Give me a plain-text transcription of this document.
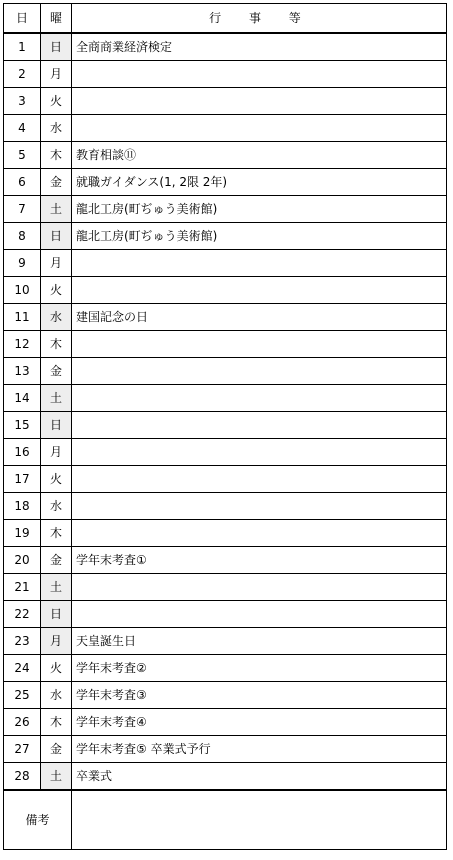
日	曜	行 事 等
1	日	全商商業経済検定
2	月	
3	火	
4	水	
5	木	教育相談⑪
6	金	就職ガイダンス(1, 2限 2年)
7	土	龍北工房(町ぢゅう美術館)
8	日	龍北工房(町ぢゅう美術館)
9	月	
10	火	
11	水	建国記念の日
12	木	
13	金	
14	土	
15	日	
16	月	
17	火	
18	水	
19	木	
20	金	学年末考査①
21	土	
22	日	
23	月	天皇誕生日
24	火	学年末考査②
25	水	学年末考査③
26	木	学年末考査④
27	金	学年末考査⑤ 卒業式予行
28	土	卒業式
備考		
